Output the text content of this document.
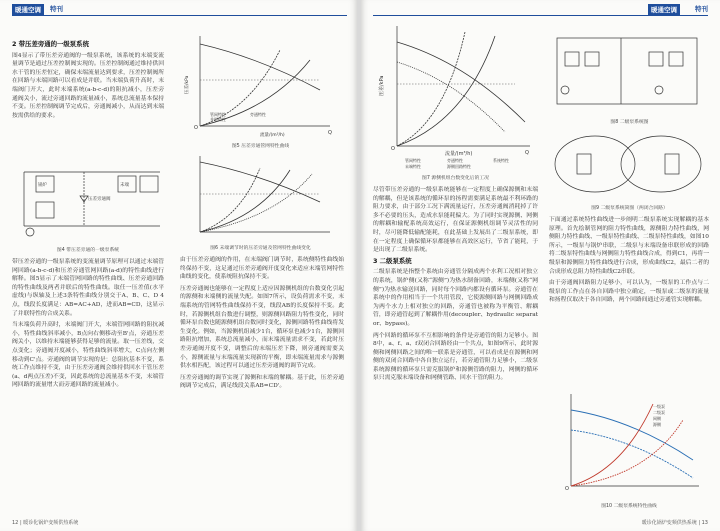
暖通空调	特刊
2 带压差旁通的一级泵系统
图4显示了带压差旁通阀的一级泵系统，该系统的末端变流量调节是通过压差控制阀实现的。压差控制阀通过维持供回水干管的压差恒定，确保末端流量达到要求，压差控制阀所在回路与末端回路可以看成是并联。当末端负荷升高时，末端阀门开大，此时末端系统(a-b-c-d)的阻抗减小，压差旁通阀关小，流过旁通回路的流量减小，系统总流量基本保持不变。压差控制阀调节完成后，旁通阀减小，从而达到末端按需供给的要求。
锅炉	末端
压差旁通阀
图4 带压差旁通的一级泵系统
带压差旁通的一级泵系统的变流量调节原理可以通过末端管网回路(a-b-c-d)和压差旁通管网回路(a-d)的特性曲线进行解释。图5显示了末端管网回路的特性曲线、压差旁通回路的特性曲线及两者并联后的特性曲线。取任一压差值(水平虚线)与纵轴及上述3条特性曲线分别交于A、B、C、D 4点，线段长度满足：AB=AC+AD，进而AB=CD，这显示了并联特性的合成关系。
当末端负荷升高时，末端阀门开大，末端管网回路的阻抗减小，特性曲线斜率减小，B点向右侧移动至B'点，旁通压差阀关小，以维持末端能够获得足够的流量。取一压差线，交点变化；旁通阀开度减小，特性曲线斜率增大，C点向左侧移动到C'点。旁通阀的调节实现的是：总阻抗基本不变，系统工作点维持不变，由于压差旁通阀会维持供回水干管压差(a、d两点压差)不变，因此系统的总流量基本不变，末端管网回路的流量增大而旁通回路的流量减小。
O
Q
流量/(m³/h)
压差/kPa
管网特性
并联特性
旁通特性
图5 压差旁通管网特性曲线
图6 末端调节时的压差旁通及管网特性曲线变化
由于压差旁通阀的作用，在末端阀门调节时，系统侧特性曲线始终保持不变，这足通过压差旁通阀开度变化来适应末端管网特性曲线的变化，使系统阻抗保持不变。
压差旁通阀也能够在一定程度上适应因源侧机组的台数变化引起的源侧和末端侧的流量失配。如图7所示，设负荷需求不变，末端系统的管网特性曲线保持不变，线段AB的长度保持不变。此时，若源侧机组台数进行调整，则源侧回路阻力特性变化，同时循环泵台数也随源侧机组台数同时变化，源侧回路特性曲线将发生变化。例如，当源侧机组减少1台，循环泵也减少1台，源侧回路阻抗增加，系统总流量减小，而末端流量需求不变，若此时压差旁通阀开度不变，调整后的末端压差下降，则旁通阀需要关小，源侧流量与末端流量实现新的平衡，即末端流量需求与源侧供水相匹配，该过程可以通过压差旁通阀的调节完成。
压差旁通阀的调节实现了源侧和末端的解耦。基于此，压差旁通阀调节完成后，满足线段关系AB=CD'。
12 | 暖诊化锅炉变频供热系统
暖通空调	特刊
O
Q
流量/(m³/h)
压差/kPa
管网特性
末端特性
旁通特性
源侧回路特性
系统特性
图7 源侧机组台数变化后的工况
尽管带压差旁通的一级泵系统能够在一定程度上确保源侧和末端的解耦，但是该系统的循环泵的扬程需要满足系统最不利环路的阻力要求，由于部分工况下满流量运行，压差旁通阀消耗掉了许多不必要的压头，造成水泵能耗偏大。为了同时实现源侧、网侧的解耦和输配系统高效运行，在保证源侧机组调节灵活性的同时，尽可能降低输配能耗，在此基础上发展出了二级泵系统，即在一定程度上确保循环泵都能够在高效区运行，节省了能耗，于是出现了二级泵系统。
3 二级泵系统
二级泵系统是指整个系统由旁通管分隔成两个水利工况相对独立的系统，锅炉侧(又称“源侧”)为热水制备回路，末端侧(又称“网侧”)为热水输送回路，同时每个回路内都设有循环泵。旁通管在系统中的作用相当于一个共用管段，它使源侧回路与网侧回路成为两个水力上相对独立的回路，旁通管也被称为平衡管、解耦管，即旁通管起到了解耦作用(decoupler、hydraulic separator、bypass)。
两个回路的循环泵不互相影响的条件是旁通管的阻力足够小。图8中，a、f、a、f双闭合回路经由一个共点，如图9所示，此时源侧和网侧回路之间的唯一联系是旁通管，可以看成是在源侧和网侧的双闭合回路中各自独立运行，若旁通管阻力足够小，二级泵系统源侧的循环泵只需克服锅炉和源侧管路的阻力，网侧的循环泵只需克服末端设备和网侧管路、回水干管的阻力。
图8 二级泵系统图
图9 二级泵系统简图（两闭合回路）
下面通过系统特性曲线进一步阐明二级泵系统实现解耦的基本原理。首先绘制管网的阻力特性曲线，源侧阻力特性曲线，网侧阻力特性曲线、一级泵特性曲线、二级泵特性曲线，如图10所示，一级泵与锅炉串联，二级泵与末端设备串联形成的回路将二级泵特性曲线与网侧阻力特性曲线合成，得到C1，再将一级泵和源侧阻力特性曲线进行合成，形成曲线C2，最后二者的合成形成总阻力特性曲线C2串联。
由于旁通阀回路阻力足够小，可以认为，一级泵的工作点与二级泵的工作点在各自回路中独立确定，一级泵或二级泵的流量和扬程仅取决于各自回路，两个回路间通过旁通管实现解耦。
一级泵
二级泵
网侧
源侧
O
图10 二级泵系统特性曲线
暖诊化锅炉变频供热系统 | 13
